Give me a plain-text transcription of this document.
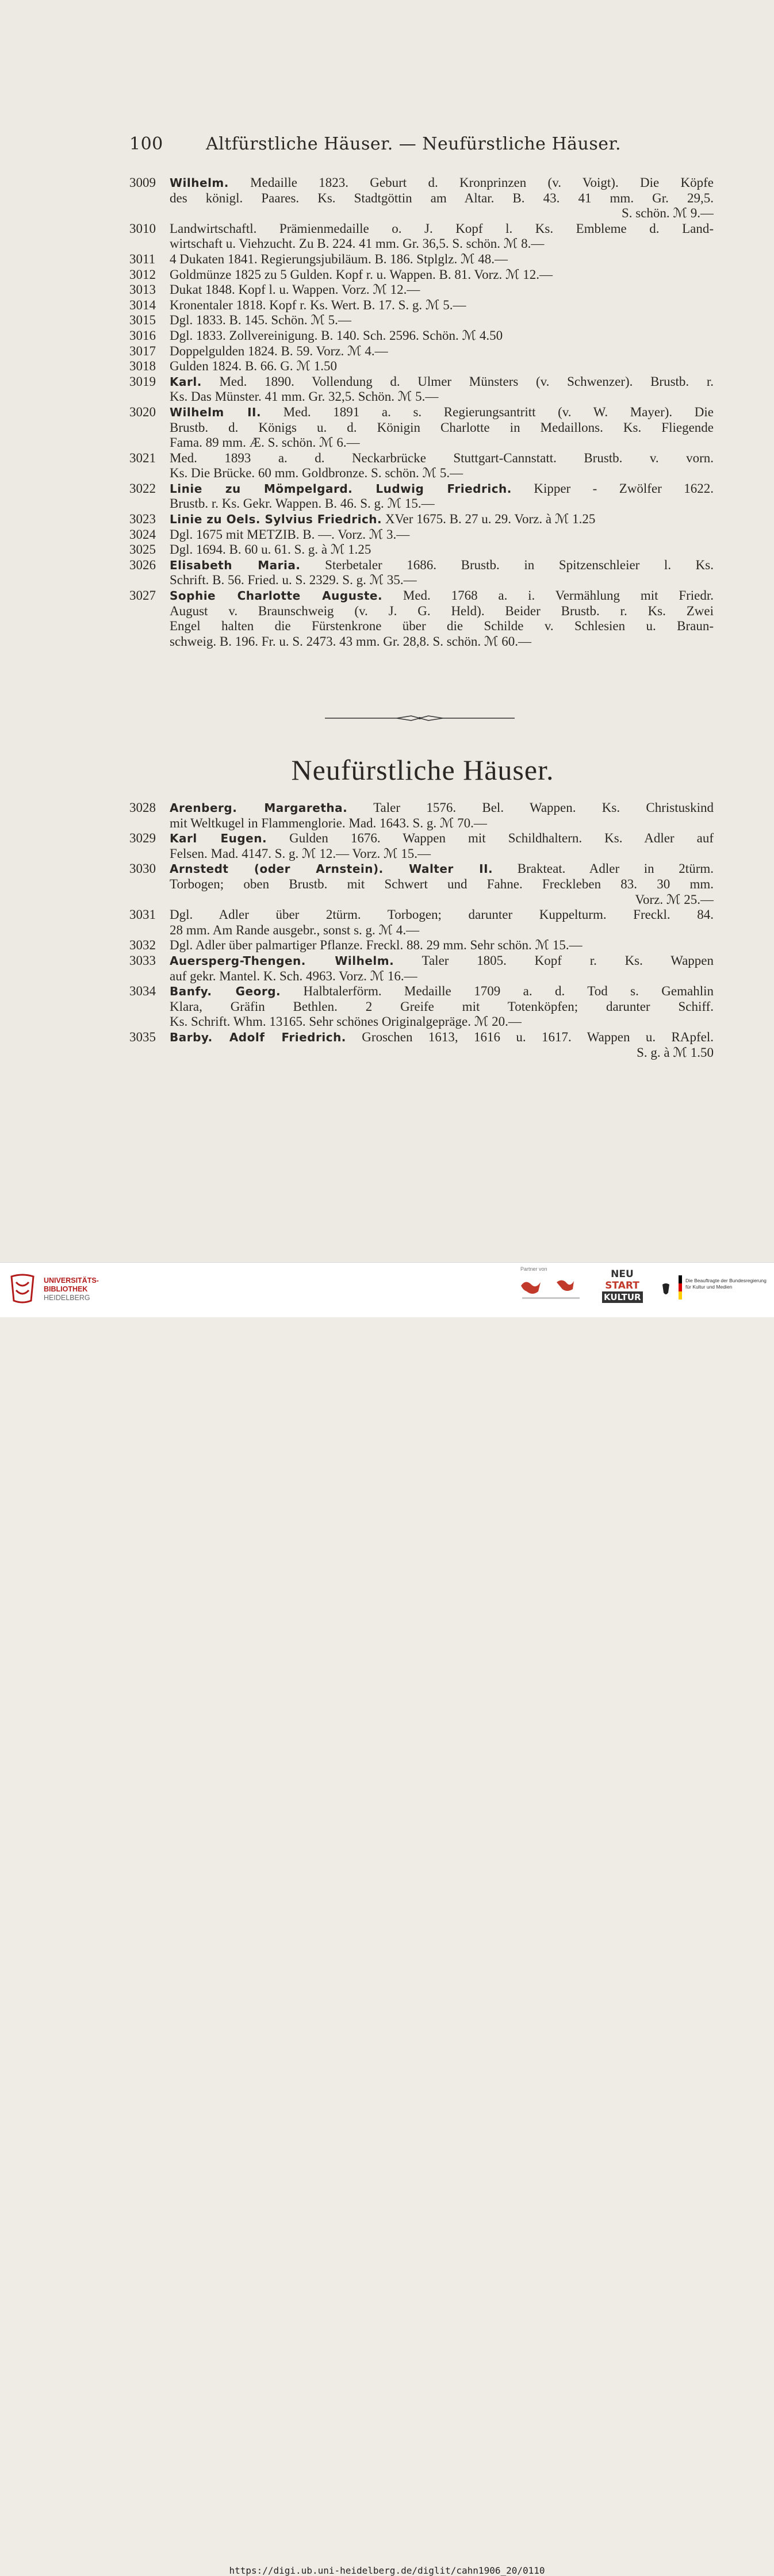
100 Altfürstliche Häuser. — Neufürstliche Häuser.
3009	Wilhelm. Medaille 1823. Geburt d. Kronprinzen (v. Voigt). Die Köpfe
des königl. Paares. Ks. Stadtgöttin am Altar. B. 43. 41 mm. Gr. 29,5.
S. schön. ℳ 9.—
3010	Landwirtschaftl. Prämienmedaille o. J. Kopf l. Ks. Embleme d. Land-
wirtschaft u. Viehzucht. Zu B. 224. 41 mm. Gr. 36,5. S. schön. ℳ 8.—
3011	4 Dukaten 1841. Regierungsjubiläum. B. 186. Stplglz. ℳ 48.—
3012	Goldmünze 1825 zu 5 Gulden. Kopf r. u. Wappen. B. 81. Vorz. ℳ 12.—
3013	Dukat 1848. Kopf l. u. Wappen. Vorz. ℳ 12.—
3014	Kronentaler 1818. Kopf r. Ks. Wert. B. 17. S. g. ℳ 5.—
3015	Dgl. 1833. B. 145. Schön. ℳ 5.—
3016	Dgl. 1833. Zollvereinigung. B. 140. Sch. 2596. Schön. ℳ 4.50
3017	Doppelgulden 1824. B. 59. Vorz. ℳ 4.—
3018	Gulden 1824. B. 66. G. ℳ 1.50
3019	Karl. Med. 1890. Vollendung d. Ulmer Münsters (v. Schwenzer). Brustb. r.
Ks. Das Münster. 41 mm. Gr. 32,5. Schön. ℳ 5.—
3020	Wilhelm II. Med. 1891 a. s. Regierungsantritt (v. W. Mayer). Die
Brustb. d. Königs u. d. Königin Charlotte in Medaillons. Ks. Fliegende
Fama. 89 mm. Æ. S. schön. ℳ 6.—
3021	Med. 1893 a. d. Neckarbrücke Stuttgart-Cannstatt. Brustb. v. vorn.
Ks. Die Brücke. 60 mm. Goldbronze. S. schön. ℳ 5.—
3022	Linie zu Mömpelgard. Ludwig Friedrich. Kipper - Zwölfer 1622.
Brustb. r. Ks. Gekr. Wappen. B. 46. S. g. ℳ 15.—
3023	Linie zu Oels. Sylvius Friedrich. XVer 1675. B. 27 u. 29. Vorz. à ℳ 1.25
3024	Dgl. 1675 mit METZIB. B. —. Vorz. ℳ 3.—
3025	Dgl. 1694. B. 60 u. 61. S. g. à ℳ 1.25
3026	Elisabeth Maria. Sterbetaler 1686. Brustb. in Spitzenschleier l. Ks.
Schrift. B. 56. Fried. u. S. 2329. S. g. ℳ 35.—
3027	Sophie Charlotte Auguste. Med. 1768 a. i. Vermählung mit Friedr.
August v. Braunschweig (v. J. G. Held). Beider Brustb. r. Ks. Zwei
Engel halten die Fürstenkrone über die Schilde v. Schlesien u. Braun-
schweig. B. 196. Fr. u. S. 2473. 43 mm. Gr. 28,8. S. schön. ℳ 60.—
Neufürstliche Häuser.
3028	Arenberg. Margaretha. Taler 1576. Bel. Wappen. Ks. Christuskind
mit Weltkugel in Flammenglorie. Mad. 1643. S. g. ℳ 70.—
3029	Karl Eugen. Gulden 1676. Wappen mit Schildhaltern. Ks. Adler auf
Felsen. Mad. 4147. S. g. ℳ 12.— Vorz. ℳ 15.—
3030	Arnstedt (oder Arnstein). Walter II. Brakteat. Adler in 2türm.
Torbogen; oben Brustb. mit Schwert und Fahne. Freckleben 83. 30 mm.
Vorz. ℳ 25.—
3031	Dgl. Adler über 2türm. Torbogen; darunter Kuppelturm. Freckl. 84.
28 mm. Am Rande ausgebr., sonst s. g. ℳ 4.—
3032	Dgl. Adler über palmartiger Pflanze. Freckl. 88. 29 mm. Sehr schön. ℳ 15.—
3033	Auersperg-Thengen. Wilhelm. Taler 1805. Kopf r. Ks. Wappen
auf gekr. Mantel. K. Sch. 4963. Vorz. ℳ 16.—
3034	Banfy. Georg. Halbtalerförm. Medaille 1709 a. d. Tod s. Gemahlin
Klara, Gräfin Bethlen. 2 Greife mit Totenköpfen; darunter Schiff.
Ks. Schrift. Whm. 13165. Sehr schönes Originalgepräge. ℳ 20.—
3035	Barby. Adolf Friedrich. Groschen 1613, 1616 u. 1617. Wappen u. RApfel.
S. g. à ℳ 1.50
UNIVERSITÄTS-
BIBLIOTHEK
HEIDELBERG
Partner von	NEU
START
KULTUR
Die Beauftragte der Bundesregierung
für Kultur und Medien
https://digi.ub.uni-heidelberg.de/diglit/cahn1906_20/0110
